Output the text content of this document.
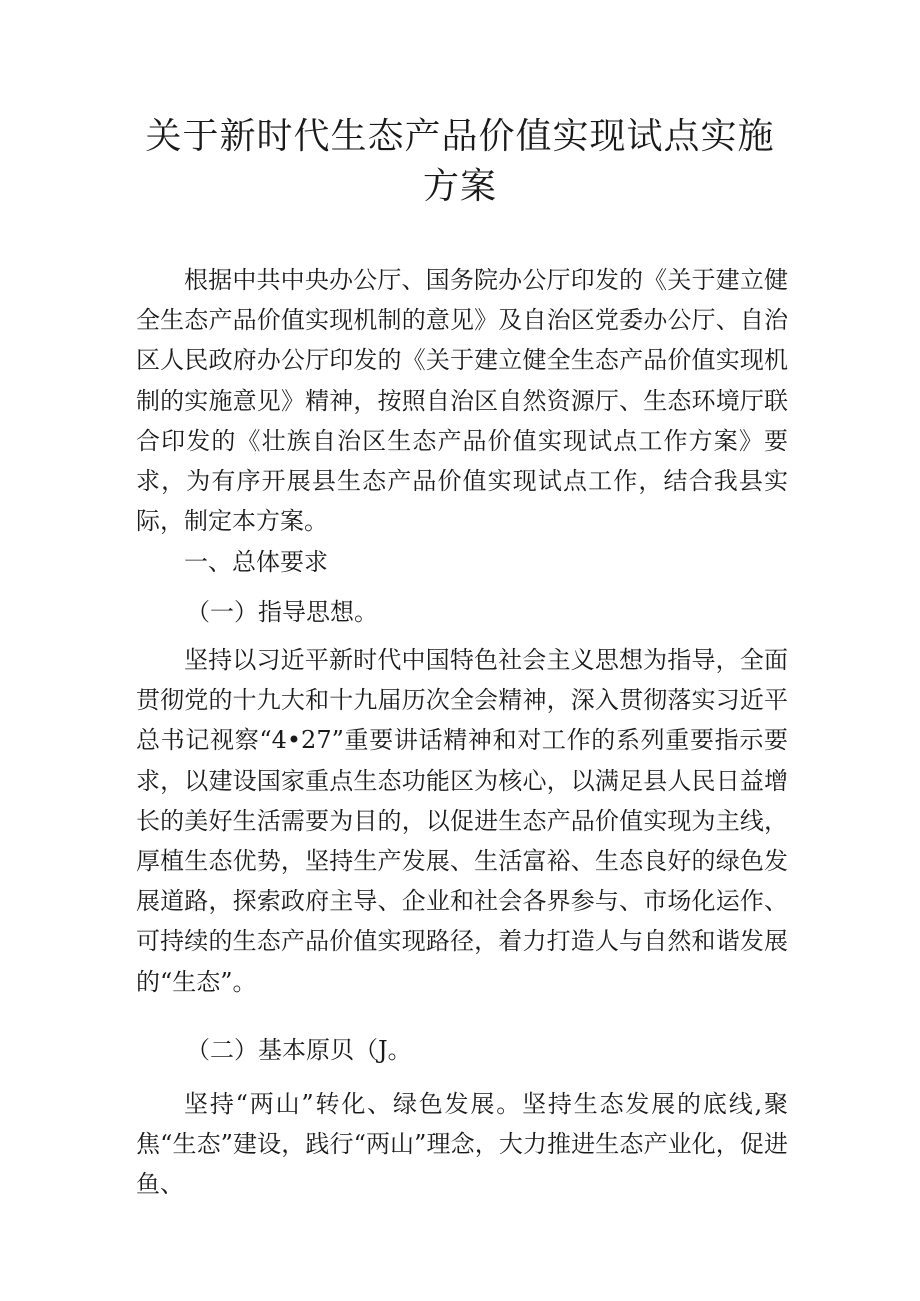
关于新时代生态产品价值实现试点实施方案

根据中共中央办公厅、国务院办公厅印发的《关于建立健全生态产品价值实现机制的意见》及自治区党委办公厅、自治区人民政府办公厅印发的《关于建立健全生态产品价值实现机制的实施意见》精神，按照自治区自然资源厅、生态环境厅联合印发的《壮族自治区生态产品价值实现试点工作方案》要求，为有序开展县生态产品价值实现试点工作，结合我县实际，制定本方案。

一、总体要求
（一）指导思想。

坚持以习近平新时代中国特色社会主义思想为指导，全面贯彻党的十九大和十九届历次全会精神，深入贯彻落实习近平总书记视察“4•27”重要讲话精神和对工作的系列重要指示要求，以建设国家重点生态功能区为核心，以满足县人民日益增长的美好生活需要为目的，以促进生态产品价值实现为主线，厚植生态优势，坚持生产发展、生活富裕、生态良好的绿色发展道路，探索政府主导、企业和社会各界参与、市场化运作、可持续的生态产品价值实现路径，着力打造人与自然和谐发展的“生态”。

（二）基本原贝（J。

坚持“两山”转化、绿色发展。坚持生态发展的底线,聚焦“生态”建设，践行“两山”理念，大力推进生态产业化，促进鱼、
